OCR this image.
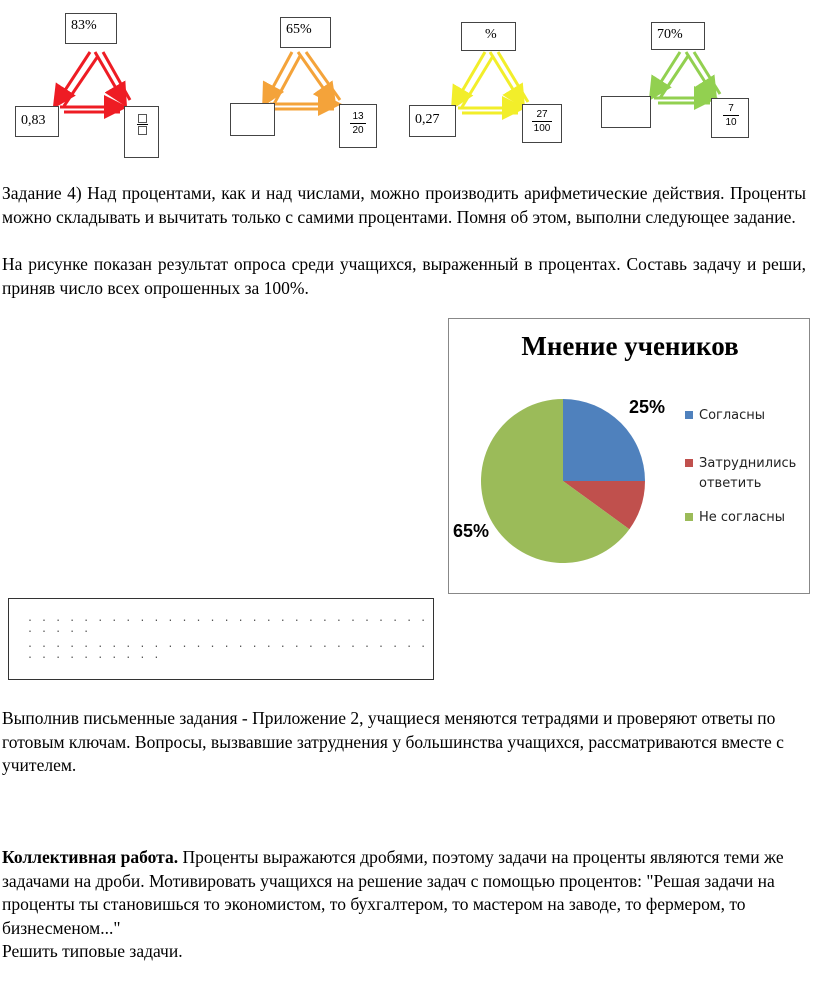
83%
0,83
65%
13
20
%
0,27	27
100
70%
7
10
Задание 4) Над процентами, как и над числами, можно производить арифметические действия. Проценты можно складывать и вычитать только с самими процентами. Помня об этом, выполни следующее задание.
На рисунке показан результат опроса среди учащихся, выраженный в процентах. Составь задачу и реши, приняв число всех опрошенных за 100%.
Мнение учеников
25%
65%
Согласны
Затруднились ответить
Не согласны
. . . . . . . . . . . . . . . . . . . . . . . . . . . . . . . . . .
. . . . . . . . . . . . . . . . . . . . . . . . . . . . . . . . . . . . . . .
Выполнив письменные задания - Приложение 2, учащиеся меняются тетрадями и проверяют ответы по готовым ключам. Вопросы, вызвавшие затруднения у большинства учащихся, рассматриваются вместе с учителем.
Коллективная работа. Проценты выражаются дробями, поэтому задачи на проценты являются теми же задачами на дроби. Мотивировать учащихся на решение задач с помощью процентов: "Решая задачи на проценты ты становишься то экономистом, то бухгалтером, то мастером на заводе, то фермером, то бизнесменом..."
Решить типовые задачи.
